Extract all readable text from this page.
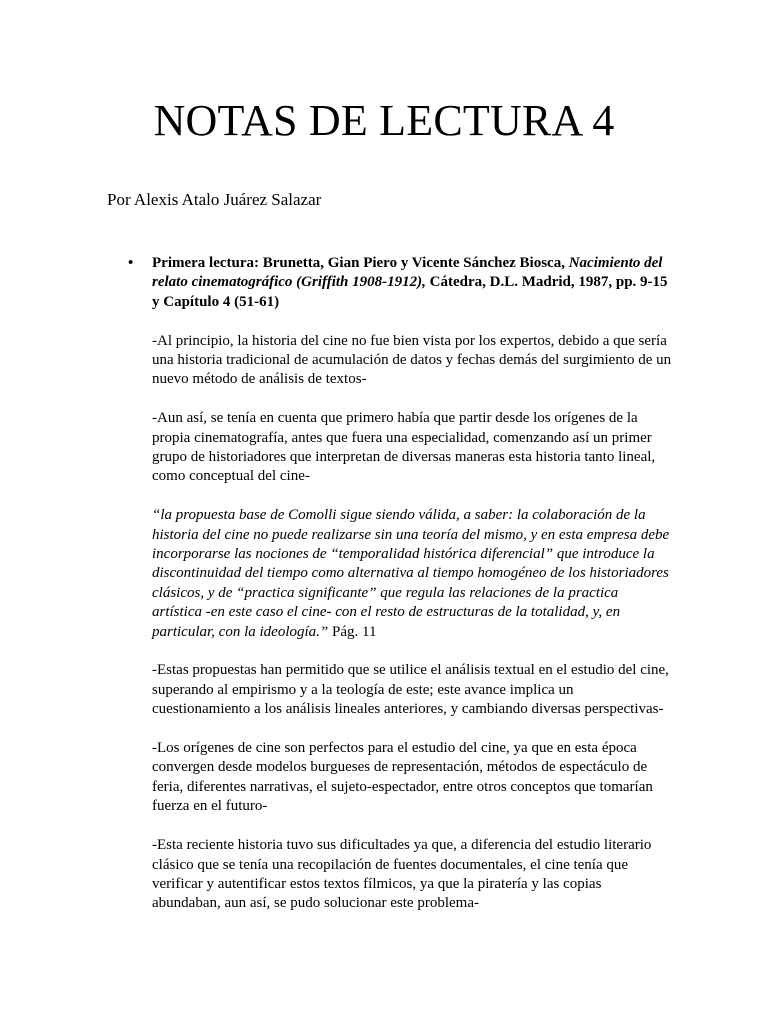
NOTAS DE LECTURA 4
Por Alexis Atalo Juárez Salazar
• Primera lectura: Brunetta, Gian Piero y Vicente Sánchez Biosca, Nacimiento del relato cinematográfico (Griffith 1908-1912), Cátedra, D.L. Madrid, 1987, pp. 9-15 y Capítulo 4 (51-61)

-Al principio, la historia del cine no fue bien vista por los expertos, debido a que sería una historia tradicional de acumulación de datos y fechas demás del surgimiento de un nuevo método de análisis de textos-

-Aun así, se tenía en cuenta que primero había que partir desde los orígenes de la propia cinematografía, antes que fuera una especialidad, comenzando así un primer grupo de historiadores que interpretan de diversas maneras esta historia tanto lineal, como conceptual del cine-

“la propuesta base de Comolli sigue siendo válida, a saber: la colaboración de la historia del cine no puede realizarse sin una teoría del mismo, y en esta empresa debe incorporarse las nociones de “temporalidad histórica diferencial” que introduce la discontinuidad del tiempo como alternativa al tiempo homogéneo de los historiadores clásicos, y de “practica significante” que regula las relaciones de la practica artística -en este caso el cine- con el resto de estructuras de la totalidad, y, en particular, con la ideología.” Pág. 11

-Estas propuestas han permitido que se utilice el análisis textual en el estudio del cine, superando al empirismo y a la teología de este; este avance implica un cuestionamiento a los análisis lineales anteriores, y cambiando diversas perspectivas-

-Los orígenes de cine son perfectos para el estudio del cine, ya que en esta época convergen desde modelos burgueses de representación, métodos de espectáculo de feria, diferentes narrativas, el sujeto-espectador, entre otros conceptos que tomarían fuerza en el futuro-

-Esta reciente historia tuvo sus dificultades ya que, a diferencia del estudio literario clásico que se tenía una recopilación de fuentes documentales, el cine tenía que verificar y autentificar estos textos fílmicos, ya que la piratería y las copias abundaban, aun así, se pudo solucionar este problema-
